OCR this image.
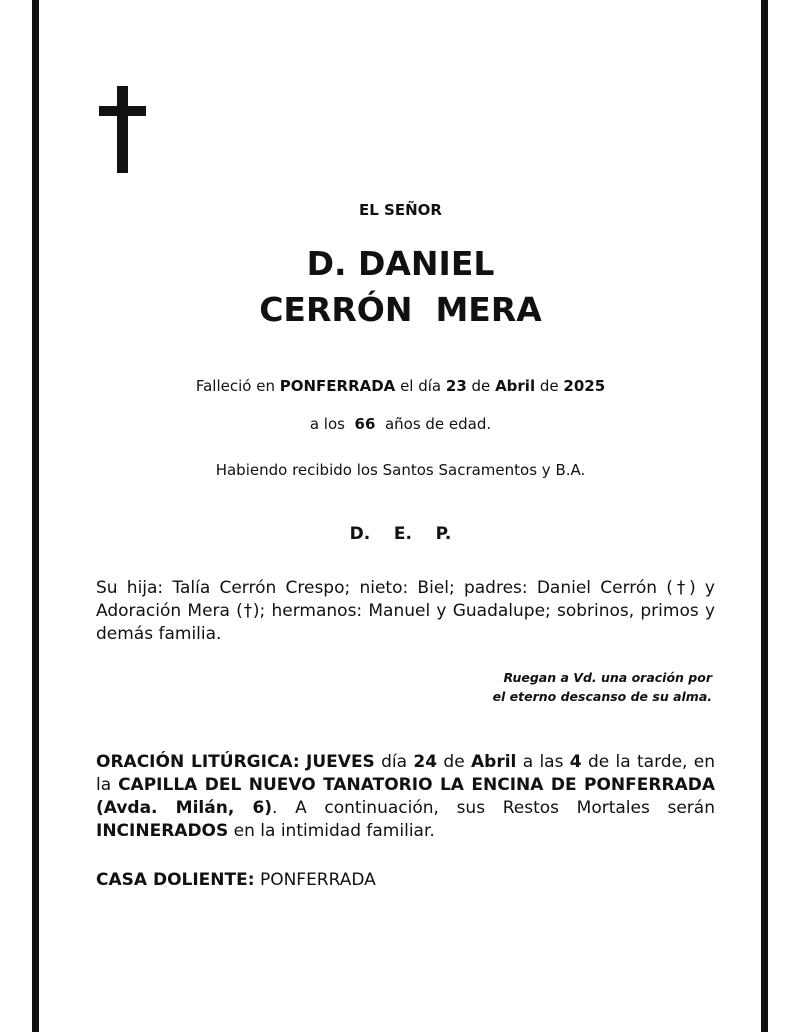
EL SEÑOR
D. DANIEL
CERRÓN  MERA
Falleció en PONFERRADA el día 23 de Abril de 2025
a los  66  años de edad.
Habiendo recibido los Santos Sacramentos y B.A.
D.    E.    P.
Su hija: Talía Cerrón Crespo; nieto: Biel; padres: Daniel Cerrón (†) y Adoración Mera (†); hermanos: Manuel y Guadalupe; sobrinos, primos y demás familia.
Ruegan a Vd. una oración por
el eterno descanso de su alma.
ORACIÓN LITÚRGICA: JUEVES día 24 de Abril a las 4 de la tarde, en la CAPILLA DEL NUEVO TANATORIO LA ENCINA DE PONFERRADA (Avda. Milán, 6). A continuación, sus Restos Mortales serán INCINERADOS en la intimidad familiar.
CASA DOLIENTE: PONFERRADA
